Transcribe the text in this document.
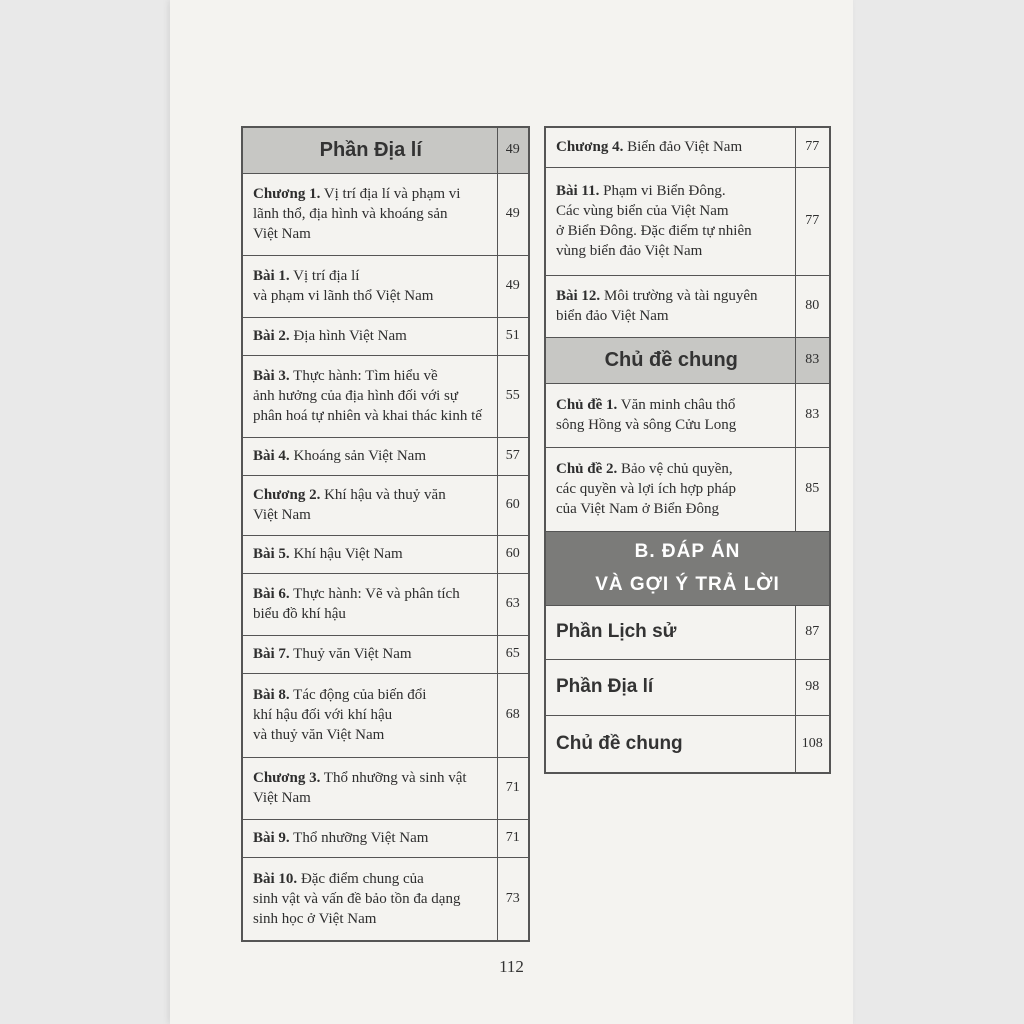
Phần Địa lí	49
Chương 1. Vị trí địa lí và phạm vi
lãnh thổ, địa hình và khoáng sản
Việt Nam	49
Bài 1. Vị trí địa lí
và phạm vi lãnh thổ Việt Nam	49
Bài 2. Địa hình Việt Nam	51
Bài 3. Thực hành: Tìm hiểu về
ảnh hưởng của địa hình đối với sự
phân hoá tự nhiên và khai thác kinh tế	55
Bài 4. Khoáng sản Việt Nam	57
Chương 2. Khí hậu và thuỷ văn
Việt Nam	60
Bài 5. Khí hậu Việt Nam	60
Bài 6. Thực hành: Vẽ và phân tích
biểu đồ khí hậu	63
Bài 7. Thuỷ văn Việt Nam	65
Bài 8. Tác động của biến đổi
khí hậu đối với khí hậu
và thuỷ văn Việt Nam	68
Chương 3. Thổ nhưỡng và sinh vật
Việt Nam	71
Bài 9. Thổ nhưỡng Việt Nam	71
Bài 10. Đặc điểm chung của
sinh vật và vấn đề bảo tồn đa dạng
sinh học ở Việt Nam	73
Chương 4. Biển đảo Việt Nam	77
Bài 11. Phạm vi Biển Đông.
Các vùng biển của Việt Nam
ở Biển Đông. Đặc điểm tự nhiên
vùng biển đảo Việt Nam	77
Bài 12. Môi trường và tài nguyên
biển đảo Việt Nam	80
Chủ đề chung	83
Chủ đề 1. Văn minh châu thổ
sông Hồng và sông Cửu Long	83
Chủ đề 2. Bảo vệ chủ quyền,
các quyền và lợi ích hợp pháp
của Việt Nam ở Biển Đông	85
B. ĐÁP ÁN
VÀ GỢI Ý TRẢ LỜI	
Phần Lịch sử	87
Phần Địa lí	98
Chủ đề chung	108
112
